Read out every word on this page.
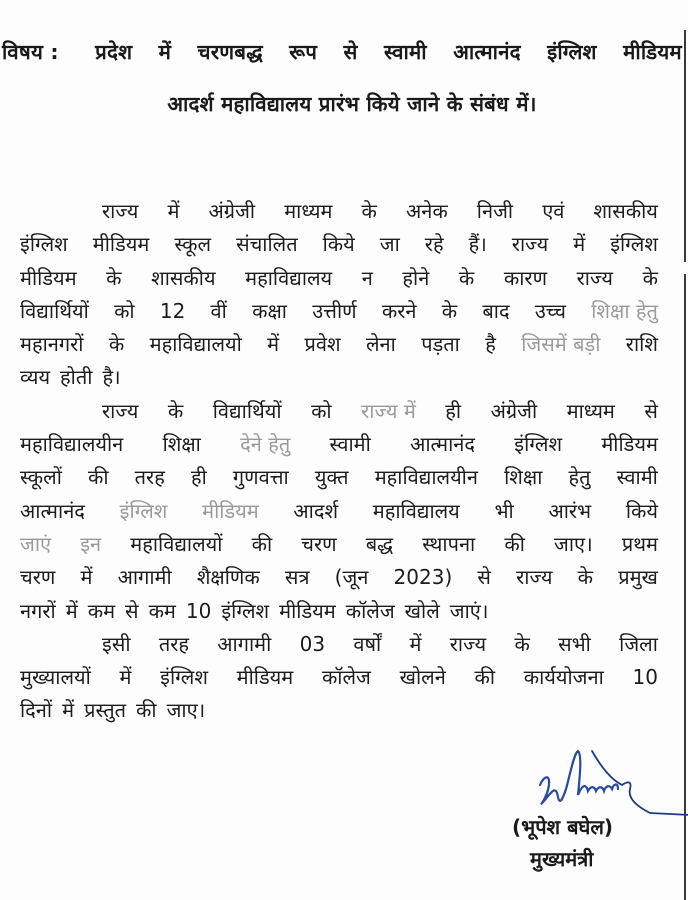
विषय : प्रदेश में चरणबद्ध रूप से स्वामी आत्मानंद इंग्लिश मीडियम
आदर्श महाविद्यालय प्रारंभ किये जाने के संबंध में।
राज्य में अंग्रेजी माध्यम के अनेक निजी एवं शासकीय
इंग्लिश मीडियम स्कूल संचालित किये जा रहे हैं। राज्य में इंग्लिश
मीडियम के शासकीय महाविद्यालय न होने के कारण राज्य के
विद्यार्थियों को 12 वीं कक्षा उत्तीर्ण करने के बाद उच्च शिक्षा हेतु
महानगरों के महाविद्यालयो में प्रवेश लेना पड़ता है जिसमें बड़ी राशि
व्यय होती है।
राज्य के विद्यार्थियों को राज्य में ही अंग्रेजी माध्यम से
महाविद्यालयीन शिक्षा देने हेतु स्वामी आत्मानंद इंग्लिश मीडियम
स्कूलों की तरह ही गुणवत्ता युक्त महाविद्यालयीन शिक्षा हेतु स्वामी
आत्मानंद इंग्लिश मीडियम आदर्श महाविद्यालय भी आरंभ किये
जाएं इन महाविद्यालयों की चरण बद्ध स्थापना की जाए। प्रथम
चरण में आगामी शैक्षणिक सत्र (जून 2023) से राज्य के प्रमुख
नगरों में कम से कम 10 इंग्लिश मीडियम कॉलेज खोले जाएं।
इसी तरह आगामी 03 वर्षों में राज्य के सभी जिला
मुख्यालयों में इंग्लिश मीडियम कॉलेज खोलने की कार्ययोजना 10
दिनों में प्रस्तुत की जाए।
(भूपेश बघेल)
मुख्यमंत्री
